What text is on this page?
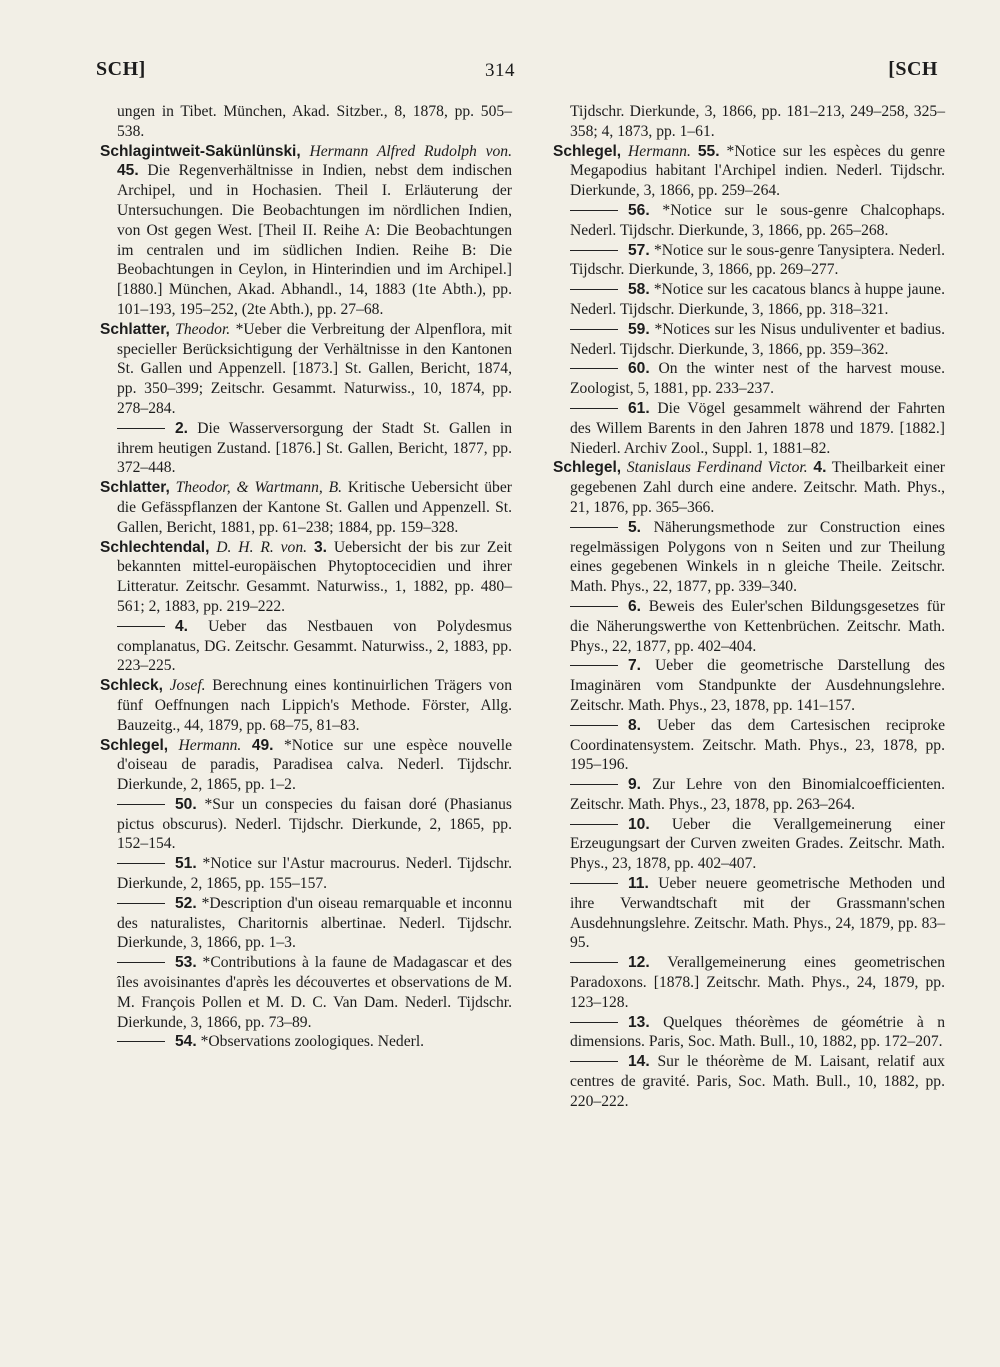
SCH]	314	[SCH
ungen in Tibet. München, Akad. Sitzber., 8, 1878, pp. 505–538.
Schlagintweit-Sakünlünski, Hermann Alfred Rudolph von. 45. Die Regenverhältnisse in Indien, nebst dem indischen Archipel, und in Hochasien. Theil I. Erläuterung der Untersuchungen. Die Beobachtungen im nördlichen Indien, von Ost gegen West. [Theil II. Reihe A: Die Beobachtungen im centralen und im südlichen Indien. Reihe B: Die Beobachtungen in Ceylon, in Hinterindien und im Archipel.] [1880.] München, Akad. Abhandl., 14, 1883 (1te Abth.), pp. 101–193, 195–252, (2te Abth.), pp. 27–68.
Schlatter, Theodor. *Ueber die Verbreitung der Alpenflora, mit specieller Berücksichtigung der Verhältnisse in den Kantonen St. Gallen und Appenzell. [1873.] St. Gallen, Bericht, 1874, pp. 350–399; Zeitschr. Gesammt. Naturwiss., 10, 1874, pp. 278–284.
2. Die Wasserversorgung der Stadt St. Gallen in ihrem heutigen Zustand. [1876.] St. Gallen, Bericht, 1877, pp. 372–448.
Schlatter, Theodor, & Wartmann, B. Kritische Uebersicht über die Gefässpflanzen der Kantone St. Gallen und Appenzell. St. Gallen, Bericht, 1881, pp. 61–238; 1884, pp. 159–328.
Schlechtendal, D. H. R. von. 3. Uebersicht der bis zur Zeit bekannten mittel-europäischen Phytoptocecidien und ihrer Litteratur. Zeitschr. Gesammt. Naturwiss., 1, 1882, pp. 480–561; 2, 1883, pp. 219–222.
4. Ueber das Nestbauen von Polydesmus complanatus, DG. Zeitschr. Gesammt. Naturwiss., 2, 1883, pp. 223–225.
Schleck, Josef. Berechnung eines kontinuirlichen Trägers von fünf Oeffnungen nach Lippich's Methode. Förster, Allg. Bauzeitg., 44, 1879, pp. 68–75, 81–83.
Schlegel, Hermann. 49. *Notice sur une espèce nouvelle d'oiseau de paradis, Paradisea calva. Nederl. Tijdschr. Dierkunde, 2, 1865, pp. 1–2.
50. *Sur un conspecies du faisan doré (Phasianus pictus obscurus). Nederl. Tijdschr. Dierkunde, 2, 1865, pp. 152–154.
51. *Notice sur l'Astur macrourus. Nederl. Tijdschr. Dierkunde, 2, 1865, pp. 155–157.
52. *Description d'un oiseau remarquable et inconnu des naturalistes, Charitornis albertinae. Nederl. Tijdschr. Dierkunde, 3, 1866, pp. 1–3.
53. *Contributions à la faune de Madagascar et des îles avoisinantes d'après les découvertes et observations de M. M. François Pollen et M. D. C. Van Dam. Nederl. Tijdschr. Dierkunde, 3, 1866, pp. 73–89.
54. *Observations zoologiques. Nederl.
Tijdschr. Dierkunde, 3, 1866, pp. 181–213, 249–258, 325–358; 4, 1873, pp. 1–61.
Schlegel, Hermann. 55. *Notice sur les espèces du genre Megapodius habitant l'Archipel indien. Nederl. Tijdschr. Dierkunde, 3, 1866, pp. 259–264.
56. *Notice sur le sous-genre Chalcophaps. Nederl. Tijdschr. Dierkunde, 3, 1866, pp. 265–268.
57. *Notice sur le sous-genre Tanysiptera. Nederl. Tijdschr. Dierkunde, 3, 1866, pp. 269–277.
58. *Notice sur les cacatous blancs à huppe jaune. Nederl. Tijdschr. Dierkunde, 3, 1866, pp. 318–321.
59. *Notices sur les Nisus unduliventer et badius. Nederl. Tijdschr. Dierkunde, 3, 1866, pp. 359–362.
60. On the winter nest of the harvest mouse. Zoologist, 5, 1881, pp. 233–237.
61. Die Vögel gesammelt während der Fahrten des Willem Barents in den Jahren 1878 und 1879. [1882.] Niederl. Archiv Zool., Suppl. 1, 1881–82.
Schlegel, Stanislaus Ferdinand Victor. 4. Theilbarkeit einer gegebenen Zahl durch eine andere. Zeitschr. Math. Phys., 21, 1876, pp. 365–366.
5. Näherungsmethode zur Construction eines regelmässigen Polygons von n Seiten und zur Theilung eines gegebenen Winkels in n gleiche Theile. Zeitschr. Math. Phys., 22, 1877, pp. 339–340.
6. Beweis des Euler'schen Bildungsgesetzes für die Näherungswerthe von Kettenbrüchen. Zeitschr. Math. Phys., 22, 1877, pp. 402–404.
7. Ueber die geometrische Darstellung des Imaginären vom Standpunkte der Ausdehnungslehre. Zeitschr. Math. Phys., 23, 1878, pp. 141–157.
8. Ueber das dem Cartesischen reciproke Coordinatensystem. Zeitschr. Math. Phys., 23, 1878, pp. 195–196.
9. Zur Lehre von den Binomialcoefficienten. Zeitschr. Math. Phys., 23, 1878, pp. 263–264.
10. Ueber die Verallgemeinerung einer Erzeugungsart der Curven zweiten Grades. Zeitschr. Math. Phys., 23, 1878, pp. 402–407.
11. Ueber neuere geometrische Methoden und ihre Verwandtschaft mit der Grassmann'schen Ausdehnungslehre. Zeitschr. Math. Phys., 24, 1879, pp. 83–95.
12. Verallgemeinerung eines geometrischen Paradoxons. [1878.] Zeitschr. Math. Phys., 24, 1879, pp. 123–128.
13. Quelques théorèmes de géométrie à n dimensions. Paris, Soc. Math. Bull., 10, 1882, pp. 172–207.
14. Sur le théorème de M. Laisant, relatif aux centres de gravité. Paris, Soc. Math. Bull., 10, 1882, pp. 220–222.
